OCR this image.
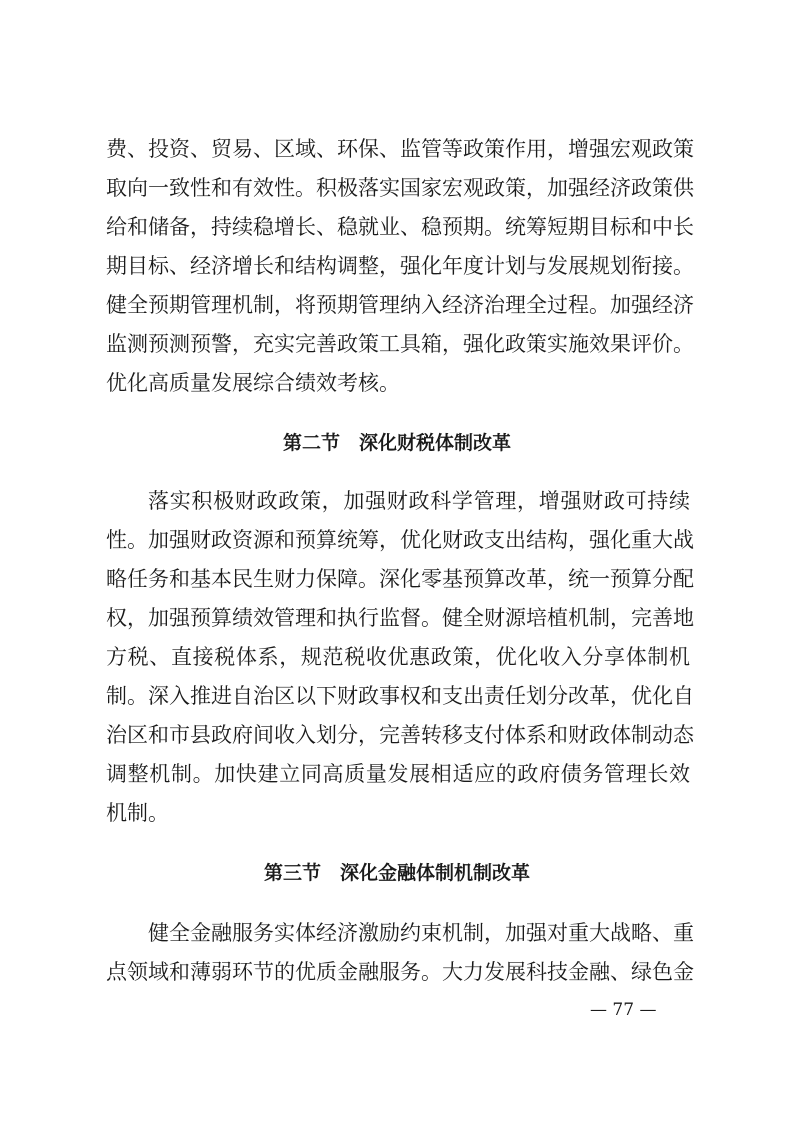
费、投资、贸易、区域、环保、监管等政策作用，增强宏观政策
取向一致性和有效性。积极落实国家宏观政策，加强经济政策供
给和储备，持续稳增长、稳就业、稳预期。统筹短期目标和中长
期目标、经济增长和结构调整，强化年度计划与发展规划衔接。
健全预期管理机制，将预期管理纳入经济治理全过程。加强经济
监测预测预警，充实完善政策工具箱，强化政策实施效果评价。
优化高质量发展综合绩效考核。
第二节　深化财税体制改革
落实积极财政政策，加强财政科学管理，增强财政可持续
性。加强财政资源和预算统筹，优化财政支出结构，强化重大战
略任务和基本民生财力保障。深化零基预算改革，统一预算分配
权，加强预算绩效管理和执行监督。健全财源培植机制，完善地
方税、直接税体系，规范税收优惠政策，优化收入分享体制机
制。深入推进自治区以下财政事权和支出责任划分改革，优化自
治区和市县政府间收入划分，完善转移支付体系和财政体制动态
调整机制。加快建立同高质量发展相适应的政府债务管理长效
机制。
第三节　深化金融体制机制改革
健全金融服务实体经济激励约束机制，加强对重大战略、重
点领域和薄弱环节的优质金融服务。大力发展科技金融、绿色金
— 77 —
